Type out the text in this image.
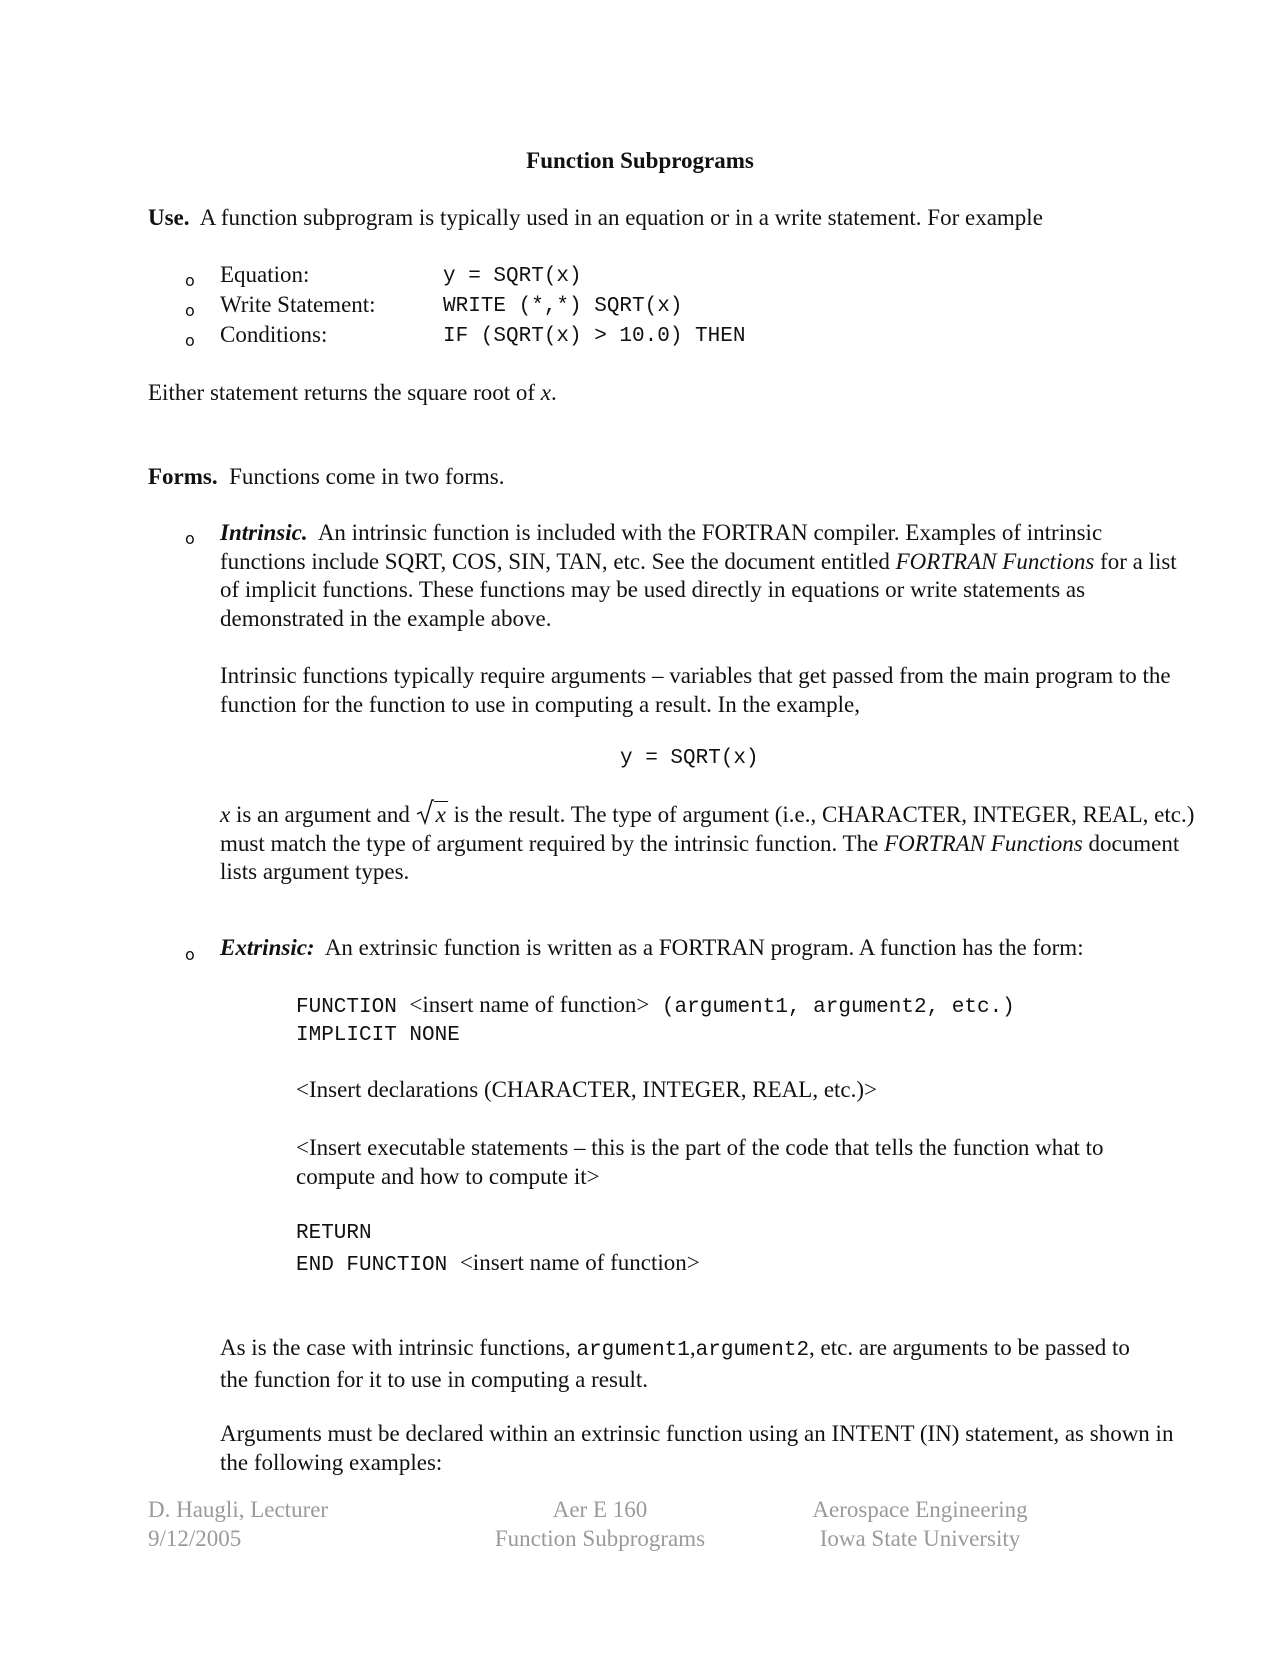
Function Subprograms
Use. A function subprogram is typically used in an equation or in a write statement. For example
o Equation:	y = SQRT(x)
o Write Statement:	WRITE (*,*) SQRT(x)
o Conditions:	IF (SQRT(x) > 10.0) THEN
Either statement returns the square root of x.
Forms. Functions come in two forms.
o Intrinsic. An intrinsic function is included with the FORTRAN compiler. Examples of intrinsic functions include SQRT, COS, SIN, TAN, etc. See the document entitled FORTRAN Functions for a list of implicit functions. These functions may be used directly in equations or write statements as demonstrated in the example above.
Intrinsic functions typically require arguments – variables that get passed from the main program to the function for the function to use in computing a result. In the example,
y = SQRT(x)
x is an argument and
x is the result. The type of argument (i.e., CHARACTER, INTEGER, REAL, etc.) must match the type of argument required by the intrinsic function. The FORTRAN Functions document lists argument types.
o Extrinsic: An extrinsic function is written as a FORTRAN program. A function has the form:
FUNCTION <insert name of function> (argument1, argument2, etc.)
IMPLICIT NONE
<Insert declarations (CHARACTER, INTEGER, REAL, etc.)>
<Insert executable statements – this is the part of the code that tells the function what to compute and how to compute it>
RETURN
END FUNCTION <insert name of function>
As is the case with intrinsic functions, argument1,argument2, etc. are arguments to be passed to the function for it to use in computing a result.
Arguments must be declared within an extrinsic function using an INTENT (IN) statement, as shown in the following examples:
D. Haugli, Lecturer
9/12/2005
Aer E 160
Function Subprograms
Aerospace Engineering
Iowa State University
